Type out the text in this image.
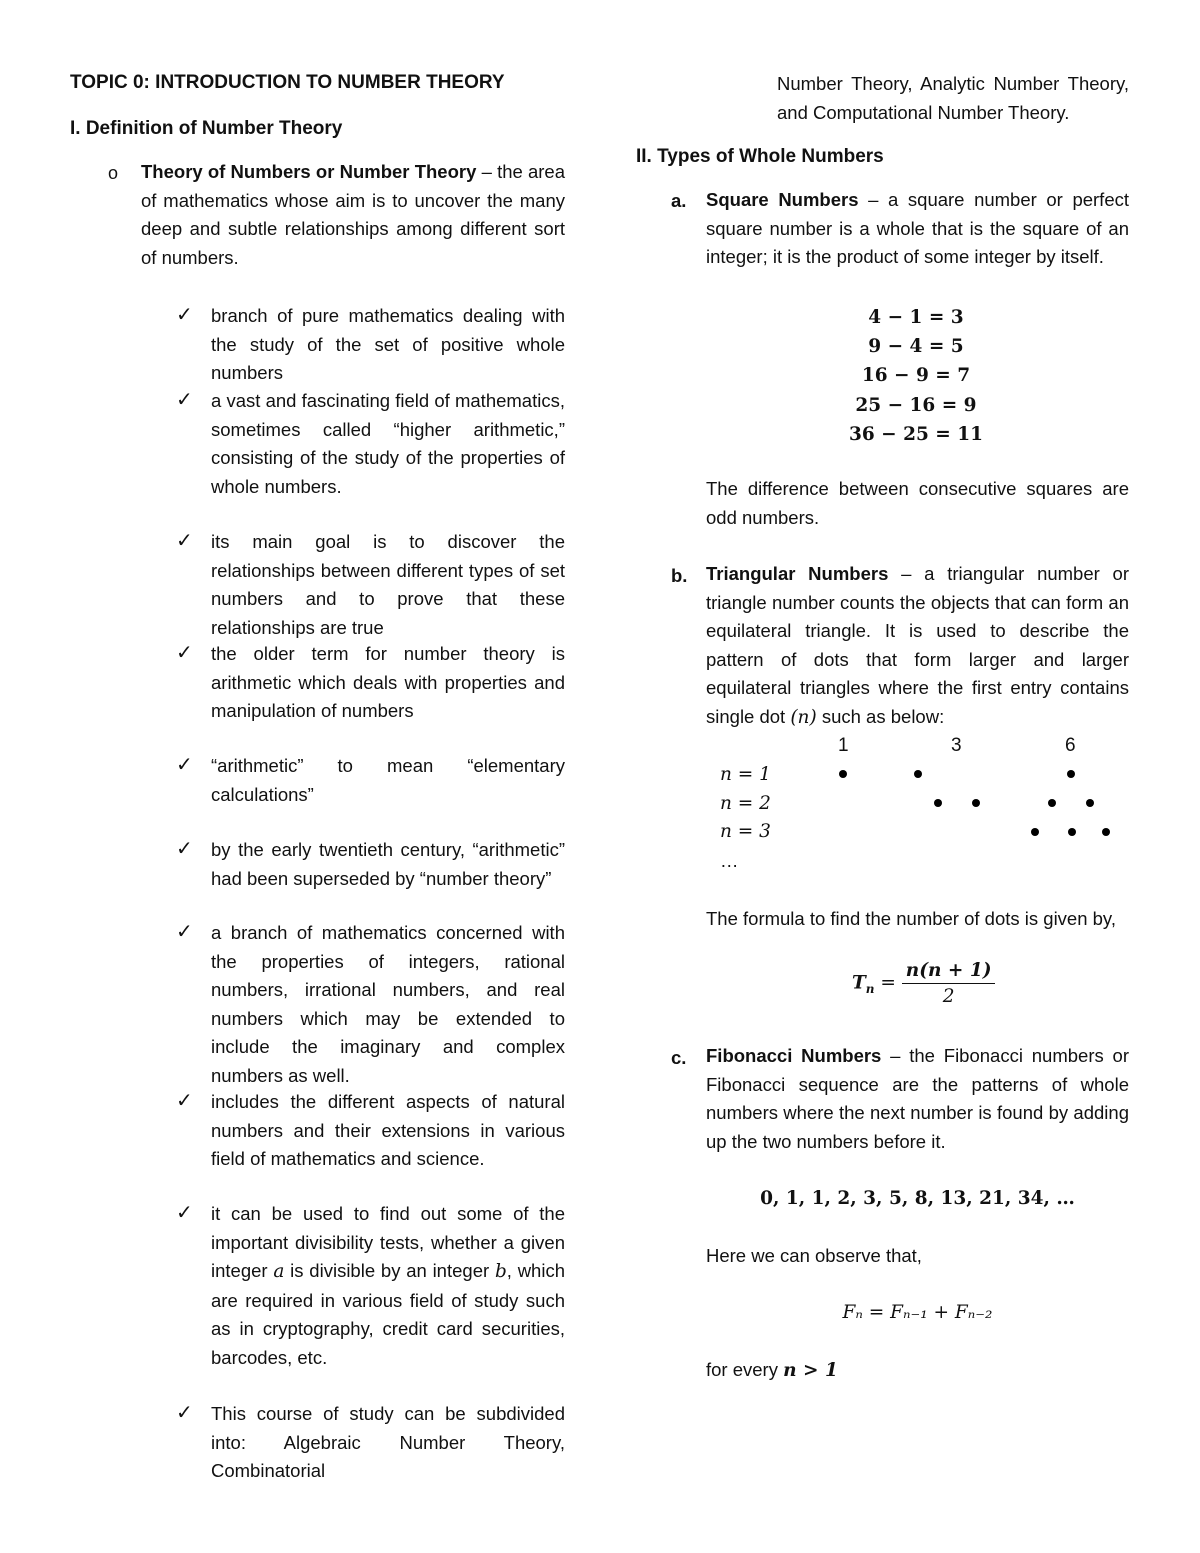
TOPIC 0: INTRODUCTION TO NUMBER THEORY
I. Definition of Number Theory
o Theory of Numbers or Number Theory – the area of mathematics whose aim is to uncover the many deep and subtle relationships among different sort of numbers.
✓ branch of pure mathematics dealing with the study of the set of positive whole numbers
✓ a vast and fascinating field of mathematics, sometimes called “higher arithmetic,” consisting of the study of the properties of whole numbers.
✓ its main goal is to discover the relationships between different types of set numbers and to prove that these relationships are true
✓ the older term for number theory is arithmetic which deals with properties and manipulation of numbers
✓ “arithmetic” to mean “elementary calculations”
✓ by the early twentieth century, “arithmetic” had been superseded by “number theory”
✓ a branch of mathematics concerned with the properties of integers, rational numbers, irrational numbers, and real numbers which may be extended to include the imaginary and complex numbers as well.
✓ includes the different aspects of natural numbers and their extensions in various field of mathematics and science.
✓ it can be used to find out some of the important divisibility tests, whether a given integer a is divisible by an integer b, which are required in various field of study such as in cryptography, credit card securities, barcodes, etc.
✓ This course of study can be subdivided into: Algebraic Number Theory, Combinatorial
Number Theory, Analytic Number Theory, and Computational Number Theory.
II. Types of Whole Numbers
a. Square Numbers – a square number or perfect square number is a whole that is the square of an integer; it is the product of some integer by itself.
4 − 1 = 3
9 − 4 = 5
16 − 9 = 7
25 − 16 = 9
36 − 25 = 11
The difference between consecutive squares are odd numbers.
b. Triangular Numbers – a triangular number or triangle number counts the objects that can form an equilateral triangle. It is used to describe the pattern of dots that form larger and larger equilateral triangles where the first entry contains single dot (n) such as below:
1	3	6
n = 1
n = 2
n = 3
…
The formula to find the number of dots is given by,
$T_n = \frac{n(n + 1)}{2}$
c. Fibonacci Numbers – the Fibonacci numbers or Fibonacci sequence are the patterns of whole numbers where the next number is found by adding up the two numbers before it.
0, 1, 1, 2, 3, 5, 8, 13, 21, 34, …
Here we can observe that,
Fₙ = Fₙ₋₁ + Fₙ₋₂
for every n > 1
